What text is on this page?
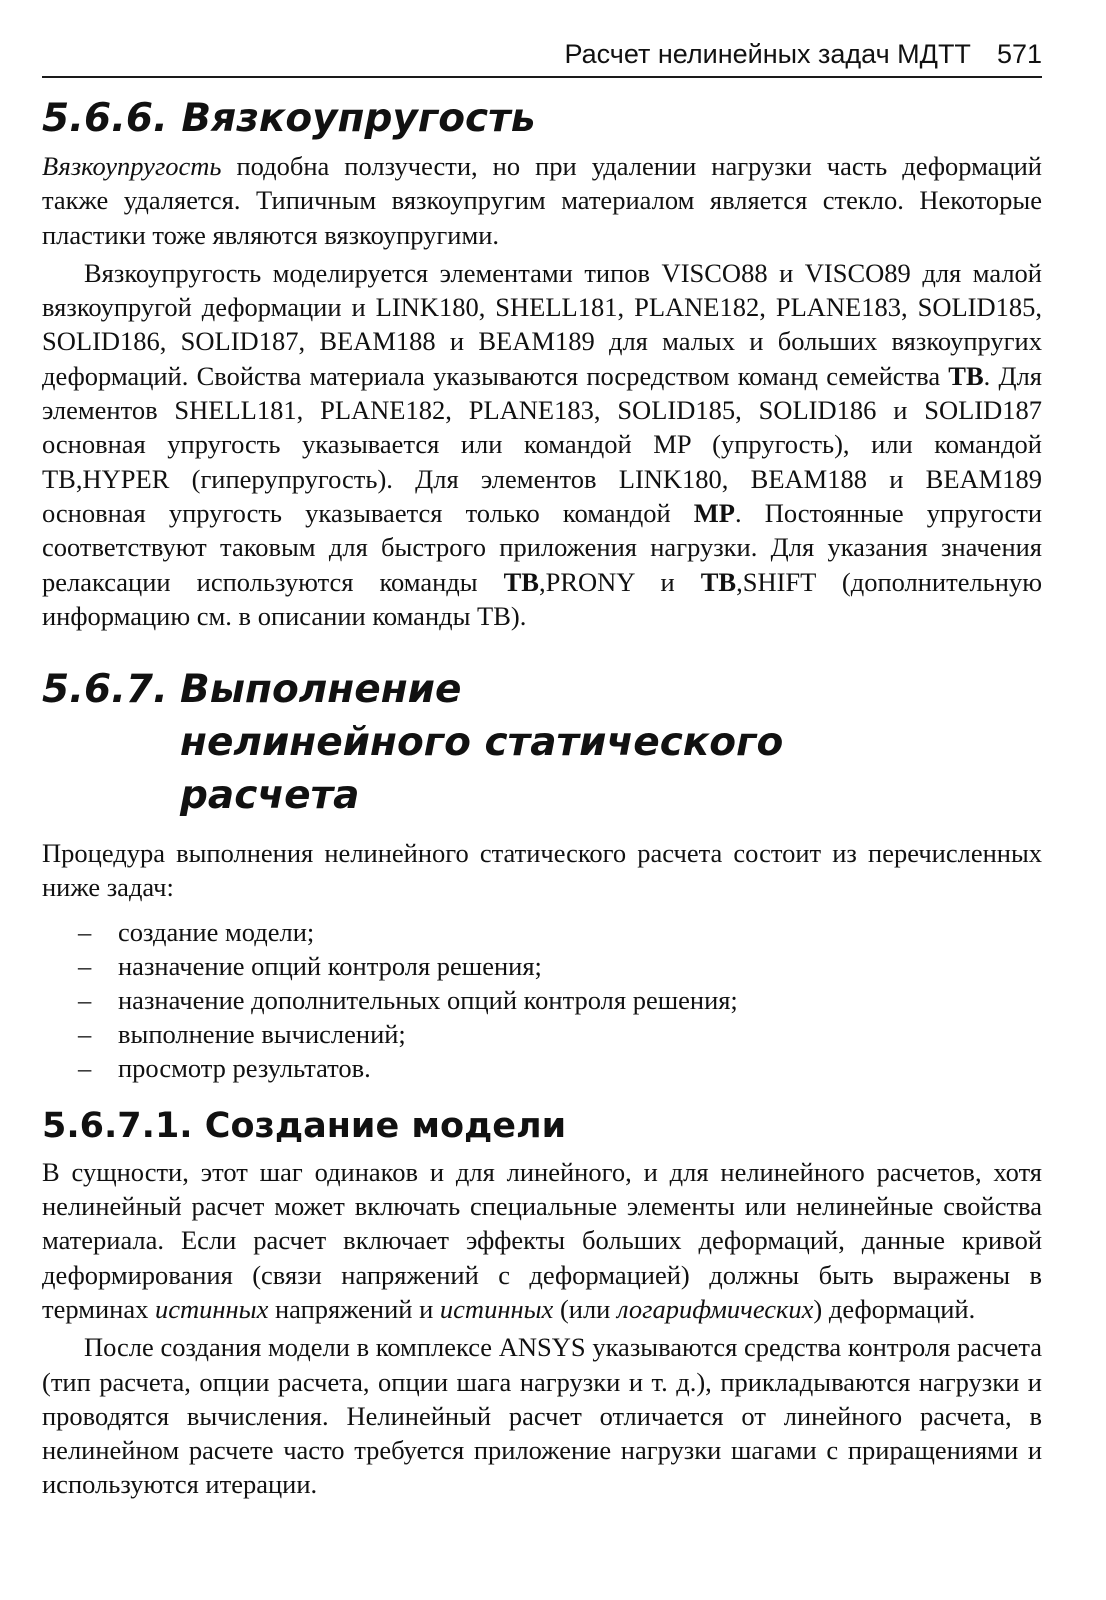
Расчет нелинейных задач МДТТ 571
5.6.6. Вязкоупругость

Вязкоупругость подобна ползучести, но при удалении нагрузки часть деформаций также удаляется. Типичным вязкоупругим материалом является стекло. Некоторые пластики тоже являются вязкоупругими.

Вязкоупругость моделируется элементами типов VISCO88 и VISCO89 для малой вязкоупругой деформации и LINK180, SHELL181, PLANE182, PLANE183, SOLID185, SOLID186, SOLID187, BEAM188 и BEAM189 для малых и больших вязкоупругих деформаций. Свойства материала указываются посредством команд семейства TB. Для элементов SHELL181, PLANE182, PLANE183, SOLID185, SOLID186 и SOLID187 основная упругость указывается или командой MP (упругость), или командой TB,HYPER (гиперупругость). Для элементов LINK180, BEAM188 и BEAM189 основная упругость указывается только командой MP. Постоянные упругости соответствуют таковым для быстрого приложения нагрузки. Для указания значения релаксации используются команды TB,PRONY и TB,SHIFT (дополнительную информацию см. в описании команды TB).

5.6.7. Выполнение
нелинейного статического
расчета

Процедура выполнения нелинейного статического расчета состоит из перечисленных ниже задач:

– создание модели;
– назначение опций контроля решения;
– назначение дополнительных опций контроля решения;
– выполнение вычислений;
– просмотр результатов.
5.6.7.1. Создание модели

В сущности, этот шаг одинаков и для линейного, и для нелинейного расчетов, хотя нелинейный расчет может включать специальные элементы или нелинейные свойства материала. Если расчет включает эффекты больших деформаций, данные кривой деформирования (связи напряжений с деформацией) должны быть выражены в терминах истинных напряжений и истинных (или логарифмических) деформаций.

После создания модели в комплексе ANSYS указываются средства контроля расчета (тип расчета, опции расчета, опции шага нагрузки и т. д.), прикладываются нагрузки и проводятся вычисления. Нелинейный расчет отличается от линейного расчета, в нелинейном расчете часто требуется приложение нагрузки шагами с приращениями и используются итерации.
